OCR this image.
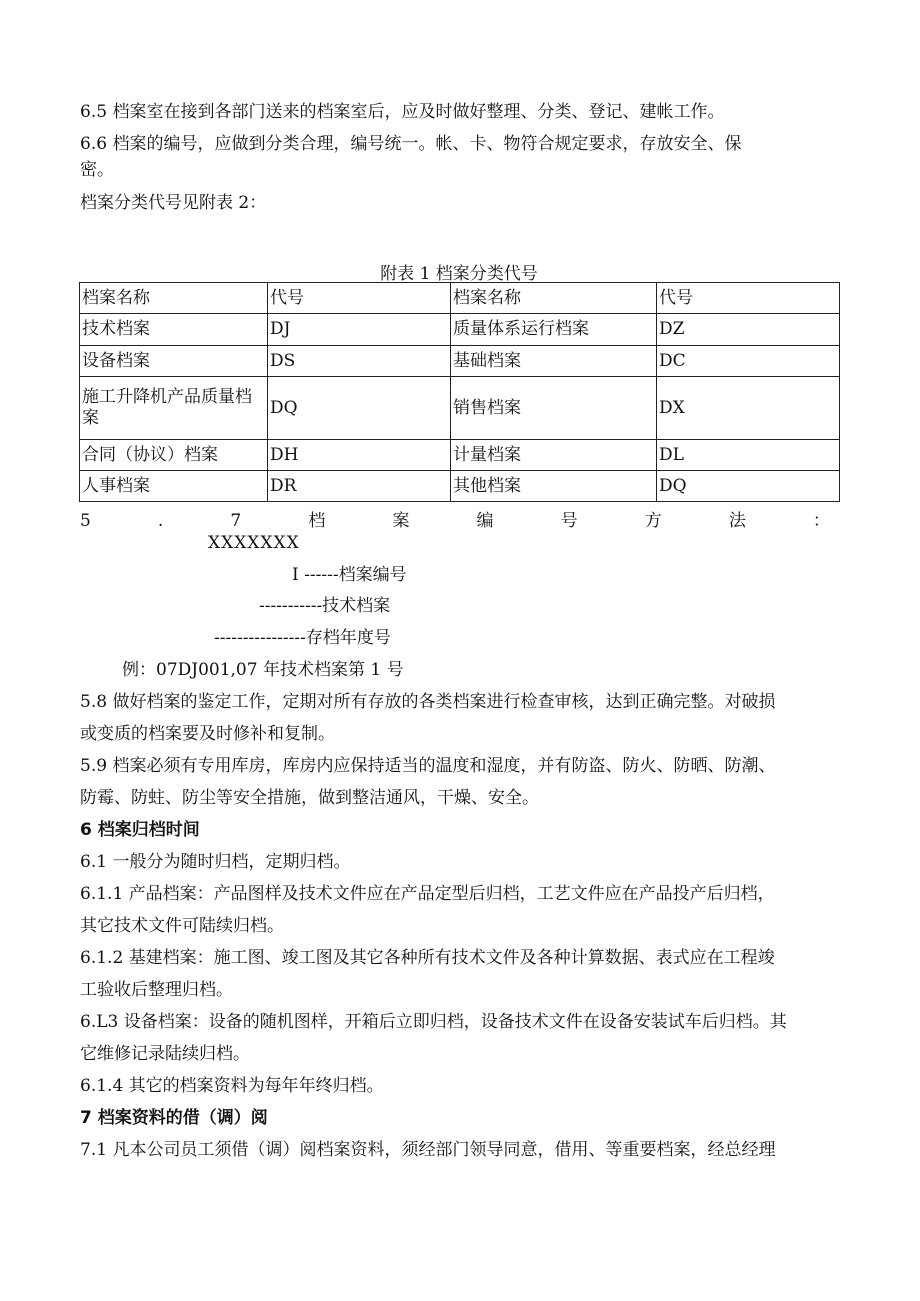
6.5 档案室在接到各部门送来的档案室后，应及时做好整理、分类、登记、建帐工作。
6.6 档案的编号，应做到分类合理，编号统一。帐、卡、物符合规定要求，存放安全、保
密。
档案分类代号见附表 2：
附表 1 档案分类代号
档案名称	代号	档案名称	代号
技术档案	DJ	质量体系运行档案	DZ
设备档案	DS	基础档案	DC
施工升降机产品质量档案	DQ	销售档案	DX
合同（协议）档案	DH	计量档案	DL
人事档案	DR	其他档案	DQ
5	.	7	档	案	编	号	方	法	：
XXXXXXX
I ------档案编号
-----------技术档案
----------------存档年度号
例：07DJ001,07 年技术档案第 1 号
5.8 做好档案的鉴定工作，定期对所有存放的各类档案进行检查审核，达到正确完整。对破损
或变质的档案要及时修补和复制。
5.9 档案必须有专用库房，库房内应保持适当的温度和湿度，并有防盗、防火、防晒、防潮、
防霉、防蛀、防尘等安全措施，做到整洁通风，干燥、安全。
6 档案归档时间
6.1 一般分为随时归档，定期归档。
6.1.1 产品档案：产品图样及技术文件应在产品定型后归档，工艺文件应在产品投产后归档，
其它技术文件可陆续归档。
6.1.2 基建档案：施工图、竣工图及其它各种所有技术文件及各种计算数据、表式应在工程竣
工验收后整理归档。
6.L3 设备档案：设备的随机图样，开箱后立即归档，设备技术文件在设备安装试车后归档。其
它维修记录陆续归档。
6.1.4 其它的档案资料为每年年终归档。
7 档案资料的借（调）阅
7.1 凡本公司员工须借（调）阅档案资料，须经部门领导同意，借用、等重要档案，经总经理
